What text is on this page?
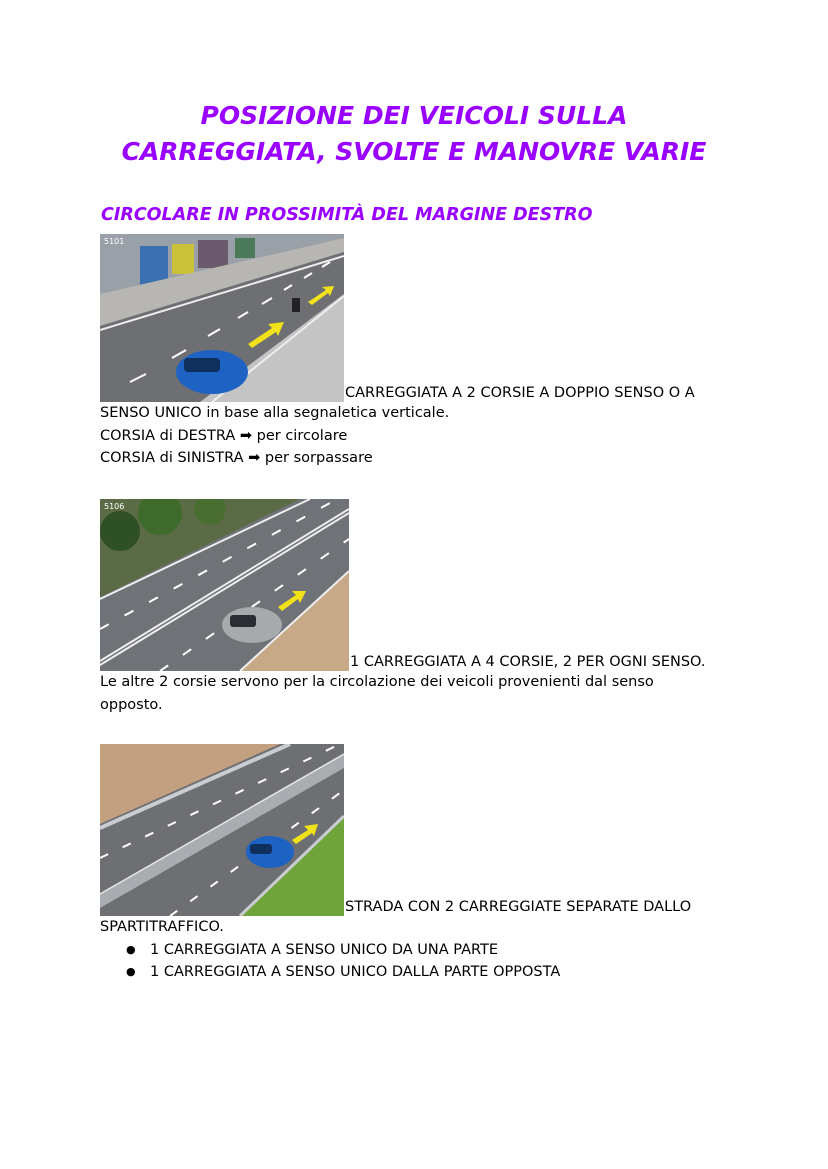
POSIZIONE DEI VEICOLI SULLA
CARREGGIATA, SVOLTE E MANOVRE VARIE
CIRCOLARE IN PROSSIMITÀ DEL MARGINE DESTRO
5101
CARREGGIATA A 2 CORSIE A DOPPIO SENSO O A
SENSO UNICO in base alla segnaletica verticale.
CORSIA di DESTRA ➡ per circolare
CORSIA di SINISTRA ➡ per sorpassare
5106
1 CARREGGIATA A 4 CORSIE, 2 PER OGNI SENSO.
Le altre 2 corsie servono per la circolazione dei veicoli provenienti dal senso
opposto.
STRADA CON 2 CARREGGIATE SEPARATE DALLO
SPARTITRAFFICO.
● 1 CARREGGIATA A SENSO UNICO DA UNA PARTE
● 1 CARREGGIATA A SENSO UNICO DALLA PARTE OPPOSTA
